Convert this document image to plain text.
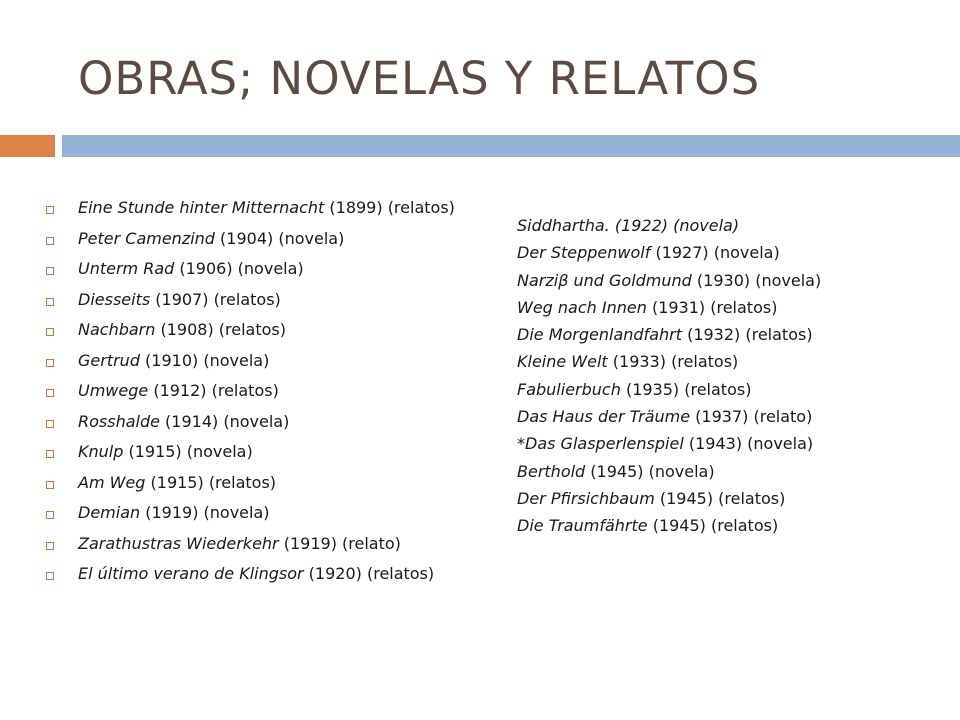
OBRAS; NOVELAS Y RELATOS
Eine Stunde hinter Mitternacht (1899) (relatos)
Peter Camenzind (1904) (novela)
Unterm Rad (1906) (novela)
Diesseits (1907) (relatos)
Nachbarn (1908) (relatos)
Gertrud (1910) (novela)
Umwege (1912) (relatos)
Rosshalde (1914) (novela)
Knulp (1915) (novela)
Am Weg (1915) (relatos)
Demian (1919) (novela)
Zarathustras Wiederkehr (1919) (relato)
El último verano de Klingsor (1920) (relatos)
Siddhartha. (1922) (novela)
Der Steppenwolf (1927) (novela)
Narziβ und Goldmund (1930) (novela)
Weg nach Innen (1931) (relatos)
Die Morgenlandfahrt (1932) (relatos)
Kleine Welt (1933) (relatos)
Fabulierbuch (1935) (relatos)
Das Haus der Träume (1937) (relato)
*Das Glasperlenspiel (1943) (novela)
Berthold (1945) (novela)
Der Pfirsichbaum (1945) (relatos)
Die Traumfährte (1945) (relatos)
